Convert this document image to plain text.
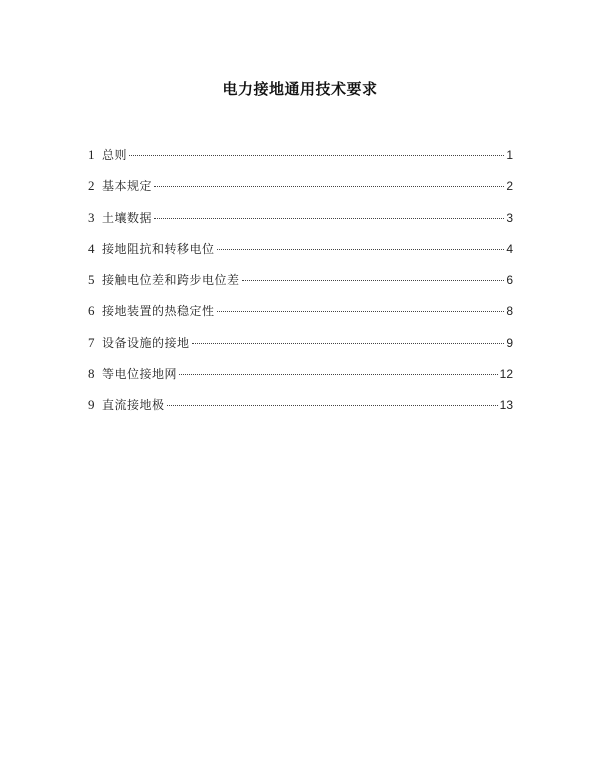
电力接地通用技术要求
1 总则	1
2 基本规定	2
3 土壤数据	3
4 接地阻抗和转移电位	4
5 接触电位差和跨步电位差	6
6 接地装置的热稳定性	8
7 设备设施的接地	9
8 等电位接地网	12
9 直流接地极	13
